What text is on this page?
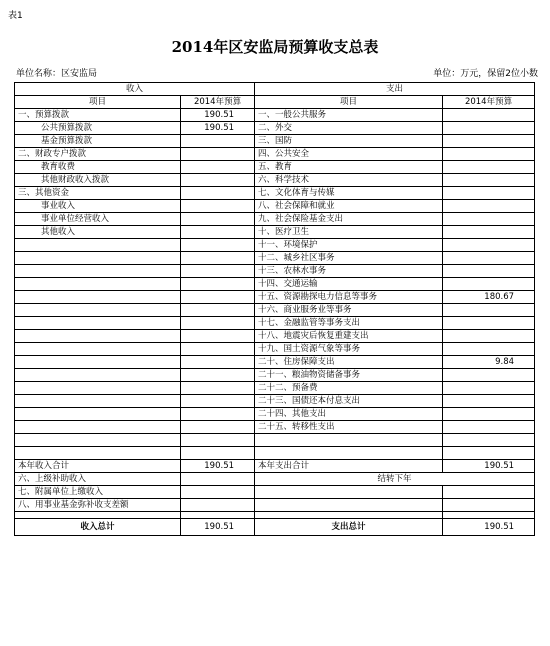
表1
2014年区安监局预算收支总表
单位名称：区安监局	单位：万元，保留2位小数
收入		支出	
项目	2014年预算	项目	2014年预算
一、预算拨款	190.51	一、一般公共服务	
公共预算拨款	190.51	二、外交	
基金预算拨款		三、国防	
二、财政专户拨款		四、公共安全	
教育收费		五、教育	
其他财政收入拨款		六、科学技术	
三、其他资金		七、文化体育与传媒	
事业收入		八、社会保障和就业	
事业单位经营收入		九、社会保险基金支出	
其他收入		十、医疗卫生	
		十一、环境保护	
		十二、城乡社区事务	
		十三、农林水事务	
		十四、交通运输	
		十五、资源勘探电力信息等事务	180.67
		十六、商业服务业等事务	
		十七、金融监管等事务支出	
		十八、地震灾后恢复重建支出	
		十九、国土资源气象等事务	
		二十、住房保障支出	9.84
		二十一、粮油物资储备事务	
		二十二、预备费	
		二十三、国债还本付息支出	
		二十四、其他支出	
		二十五、转移性支出	

本年收入合计	190.51	本年支出合计	190.51
六、上级补助收入		结转下年	
七、附属单位上缴收入			
八、用事业基金弥补收支差额			

收入总计	190.51	支出总计	190.51
